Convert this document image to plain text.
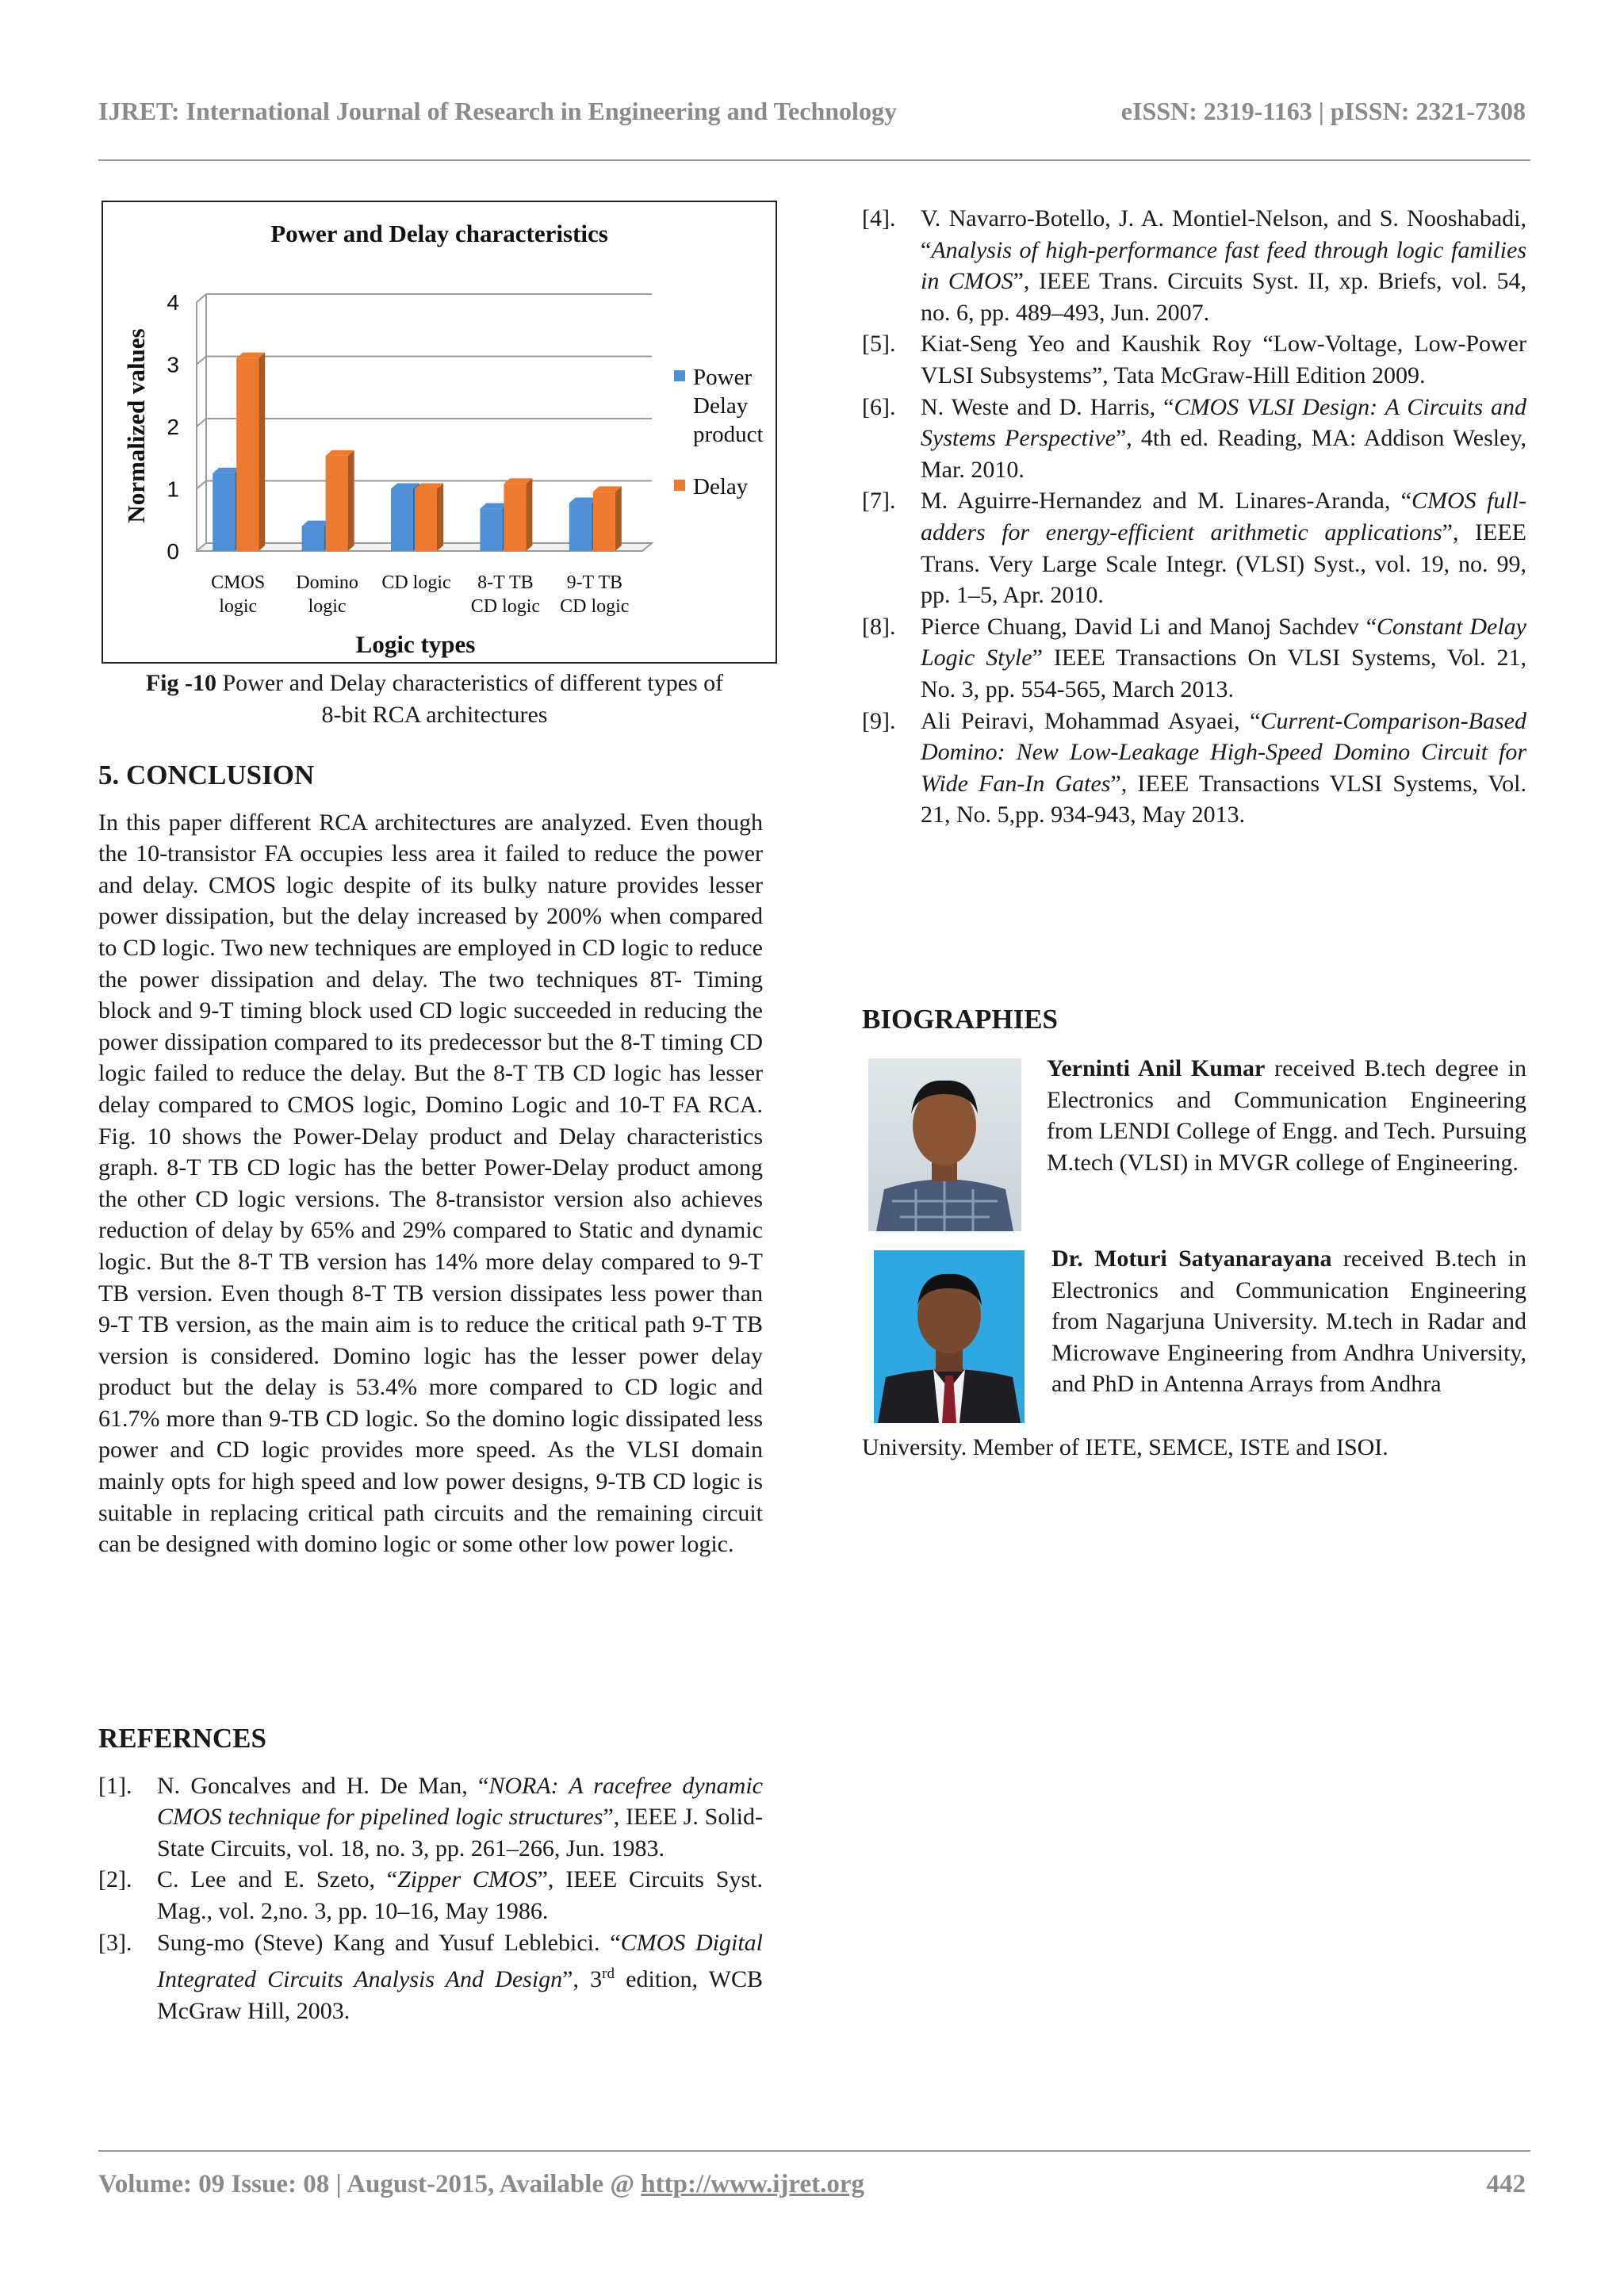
IJRET: International Journal of Research in Engineering and Technology	eISSN: 2319-1163 | pISSN: 2321-7308
Power and Delay characteristics
Normalized values
Logic types
0
1
2
3
4
CMOS
logic
Domino
logic
CD logic 8-T TB
CD logic
9-T TB
CD logic
Power
Delay
product
Delay
Fig -10 Power and Delay characteristics of different types of
8-bit RCA architectures
5. CONCLUSION

In this paper different RCA architectures are analyzed. Even though the 10-transistor FA occupies less area it failed to reduce the power and delay. CMOS logic despite of its bulky nature provides lesser power dissipation, but the delay increased by 200% when compared to CD logic. Two new techniques are employed in CD logic to reduce the power dissipation and delay. The two techniques 8T- Timing block and 9-T timing block used CD logic succeeded in reducing the power dissipation compared to its predecessor but the 8-T timing CD logic failed to reduce the delay. But the 8-T TB CD logic has lesser delay compared to CMOS logic, Domino Logic and 10-T FA RCA. Fig. 10 shows the Power-Delay product and Delay characteristics graph. 8-T TB CD logic has the better Power-Delay product among the other CD logic versions. The 8-transistor version also achieves reduction of delay by 65% and 29% compared to Static and dynamic logic. But the 8-T TB version has 14% more delay compared to 9-T TB version. Even though 8-T TB version dissipates less power than 9-T TB version, as the main aim is to reduce the critical path 9-T TB version is considered. Domino logic has the lesser power delay product but the delay is 53.4% more compared to CD logic and 61.7% more than 9-TB CD logic. So the domino logic dissipated less power and CD logic provides more speed. As the VLSI domain mainly opts for high speed and low power designs, 9-TB CD logic is suitable in replacing critical path circuits and the remaining circuit can be designed with domino logic or some other low power logic.

REFERNCES
[1]. N. Goncalves and H. De Man, “NORA: A racefree dynamic CMOS technique for pipelined logic structures”, IEEE J. Solid-State Circuits, vol. 18, no. 3, pp. 261–266, Jun. 1983.
[2]. C. Lee and E. Szeto, “Zipper CMOS”, IEEE Circuits Syst. Mag., vol. 2,no. 3, pp. 10–16, May 1986.
[3]. Sung-mo (Steve) Kang and Yusuf Leblebici. “CMOS Digital Integrated Circuits Analysis And Design”, 3rd edition, WCB McGraw Hill, 2003.
[4]. V. Navarro-Botello, J. A. Montiel-Nelson, and S. Nooshabadi, “Analysis of high-performance fast feed through logic families in CMOS”, IEEE Trans. Circuits Syst. II, xp. Briefs, vol. 54, no. 6, pp. 489–493, Jun. 2007.
[5]. Kiat-Seng Yeo and Kaushik Roy “Low-Voltage, Low-Power VLSI Subsystems”, Tata McGraw-Hill Edition 2009.
[6]. N. Weste and D. Harris, “CMOS VLSI Design: A Circuits and Systems Perspective”, 4th ed. Reading, MA: Addison Wesley, Mar. 2010.
[7]. M. Aguirre-Hernandez and M. Linares-Aranda, “CMOS full-adders for energy-efficient arithmetic applications”, IEEE Trans. Very Large Scale Integr. (VLSI) Syst., vol. 19, no. 99, pp. 1–5, Apr. 2010.
[8]. Pierce Chuang, David Li and Manoj Sachdev “Constant Delay Logic Style” IEEE Transactions On VLSI Systems, Vol. 21, No. 3, pp. 554-565, March 2013.
[9]. Ali Peiravi, Mohammad Asyaei, “Current-Comparison-Based Domino: New Low-Leakage High-Speed Domino Circuit for Wide Fan-In Gates”, IEEE Transactions VLSI Systems, Vol. 21, No. 5,pp. 934-943, May 2013.
BIOGRAPHIES
Yerninti Anil Kumar received B.tech degree in Electronics and Communication Engineering from LENDI College of Engg. and Tech. Pursuing M.tech (VLSI) in MVGR college of Engineering.
Dr. Moturi Satyanarayana received B.tech in Electronics and Communication Engineering from Nagarjuna University. M.tech in Radar and Microwave Engineering from Andhra University, and PhD in Antenna Arrays from Andhra
University. Member of IETE, SEMCE, ISTE and ISOI.
Volume: 09 Issue: 08 | August-2015, Available @ http://www.ijret.org	442
